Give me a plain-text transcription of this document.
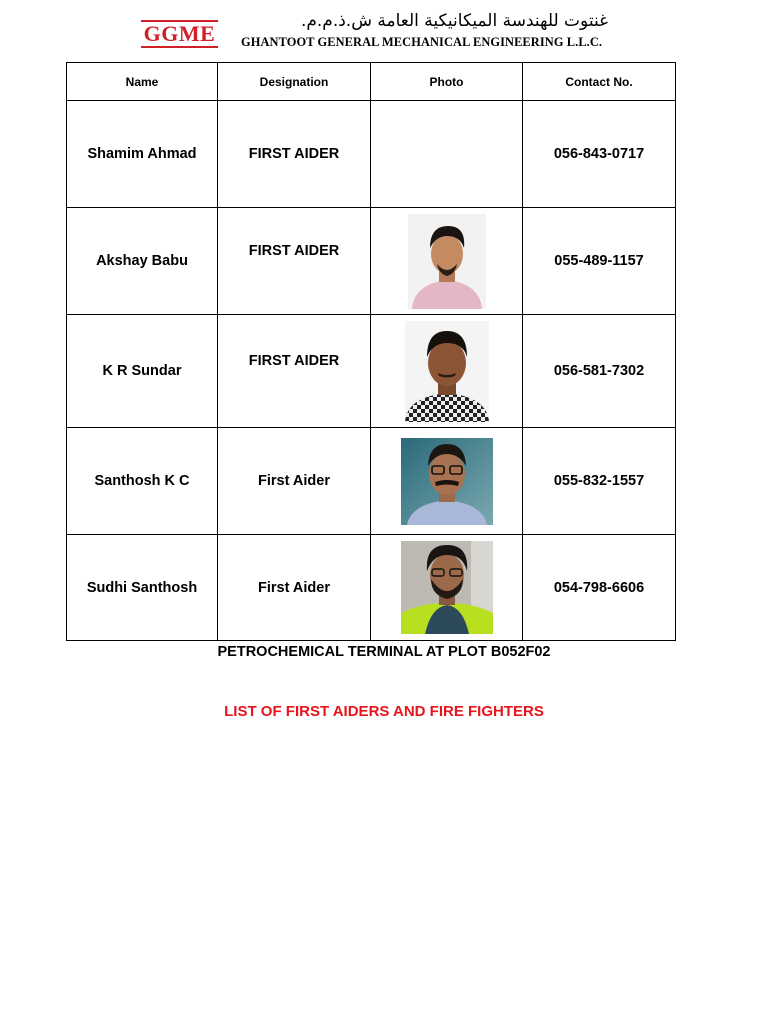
GGME	غنتوت للهندسة الميكانيكية العامة ش.ذ.م.م.
GHANTOOT GENERAL MECHANICAL ENGINEERING L.L.C.
Name	Designation	Photo	Contact No.
Shamim Ahmad	FIRST AIDER		056-843-0717
Akshay Babu	FIRST AIDER		055-489-1157
K R Sundar	FIRST AIDER		056-581-7302
Santhosh K C	First Aider		055-832-1557
Sudhi Santhosh	First Aider		054-798-6606
PETROCHEMICAL TERMINAL AT PLOT B052F02
LIST OF FIRST AIDERS AND FIRE FIGHTERS
